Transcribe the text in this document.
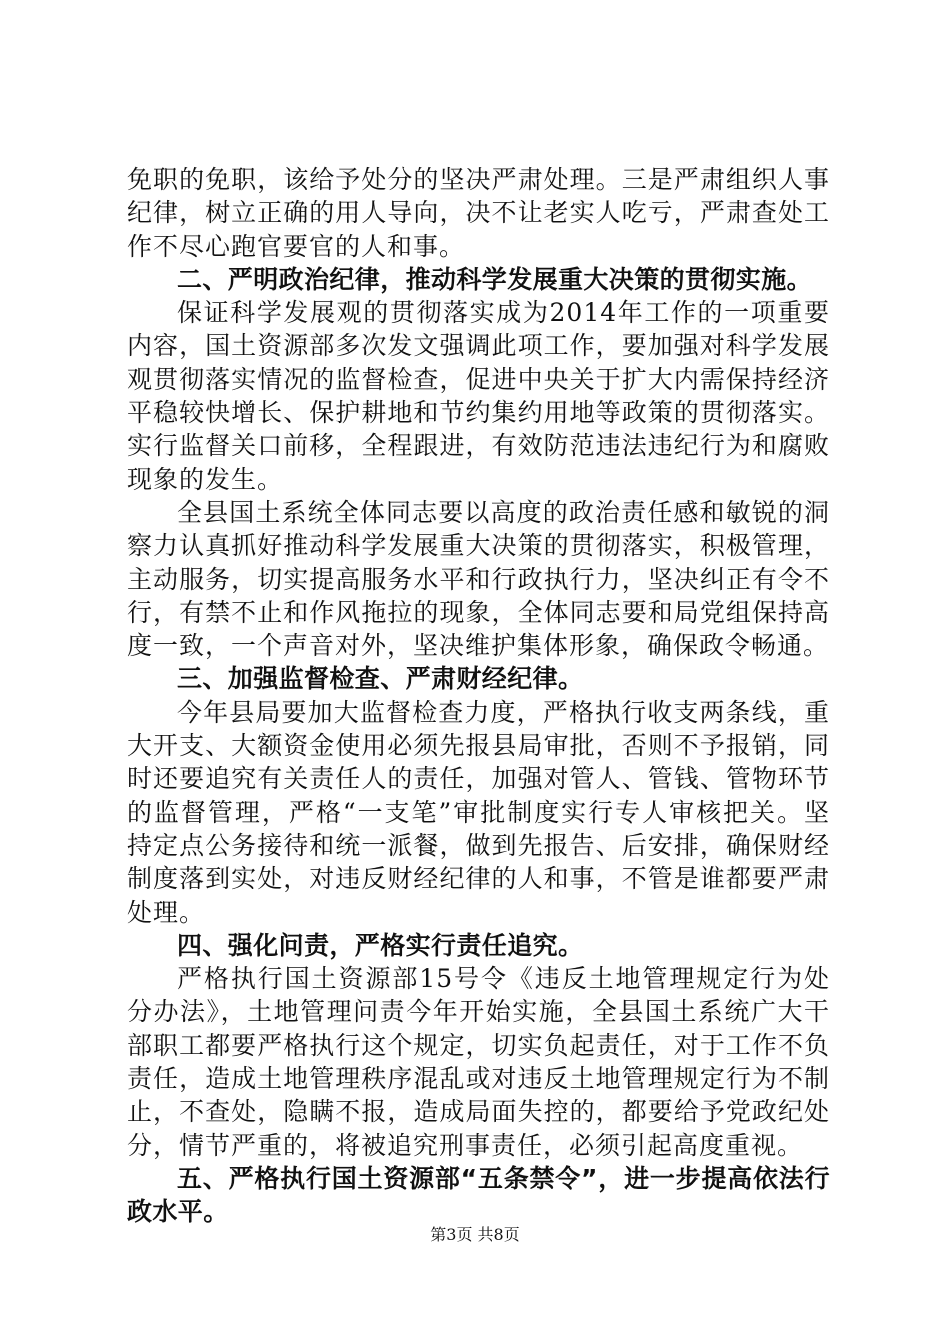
免职的免职，该给予处分的坚决严肃处理。三是严肃组织人事纪律，树立正确的用人导向，决不让老实人吃亏，严肃查处工作不尽心跑官要官的人和事。

二、严明政治纪律，推动科学发展重大决策的贯彻实施。

保证科学发展观的贯彻落实成为2014年工作的一项重要内容，国土资源部多次发文强调此项工作，要加强对科学发展观贯彻落实情况的监督检查，促进中央关于扩大内需保持经济平稳较快增长、保护耕地和节约集约用地等政策的贯彻落实。实行监督关口前移，全程跟进，有效防范违法违纪行为和腐败现象的发生。

全县国土系统全体同志要以高度的政治责任感和敏锐的洞察力认真抓好推动科学发展重大决策的贯彻落实，积极管理，主动服务，切实提高服务水平和行政执行力，坚决纠正有令不行，有禁不止和作风拖拉的现象，全体同志要和局党组保持高度一致，一个声音对外，坚决维护集体形象，确保政令畅通。

三、加强监督检查、严肃财经纪律。

今年县局要加大监督检查力度，严格执行收支两条线，重大开支、大额资金使用必须先报县局审批，否则不予报销，同时还要追究有关责任人的责任，加强对管人、管钱、管物环节的监督管理，严格“一支笔”审批制度实行专人审核把关。坚持定点公务接待和统一派餐，做到先报告、后安排，确保财经制度落到实处，对违反财经纪律的人和事，不管是谁都要严肃处理。

四、强化问责，严格实行责任追究。

严格执行国土资源部15号令《违反土地管理规定行为处分办法》，土地管理问责今年开始实施，全县国土系统广大干部职工都要严格执行这个规定，切实负起责任，对于工作不负责任，造成土地管理秩序混乱或对违反土地管理规定行为不制止，不查处，隐瞒不报，造成局面失控的，都要给予党政纪处分，情节严重的，将被追究刑事责任，必须引起高度重视。

五、严格执行国土资源部“五条禁令”，进一步提高依法行政水平。

第3页 共8页
